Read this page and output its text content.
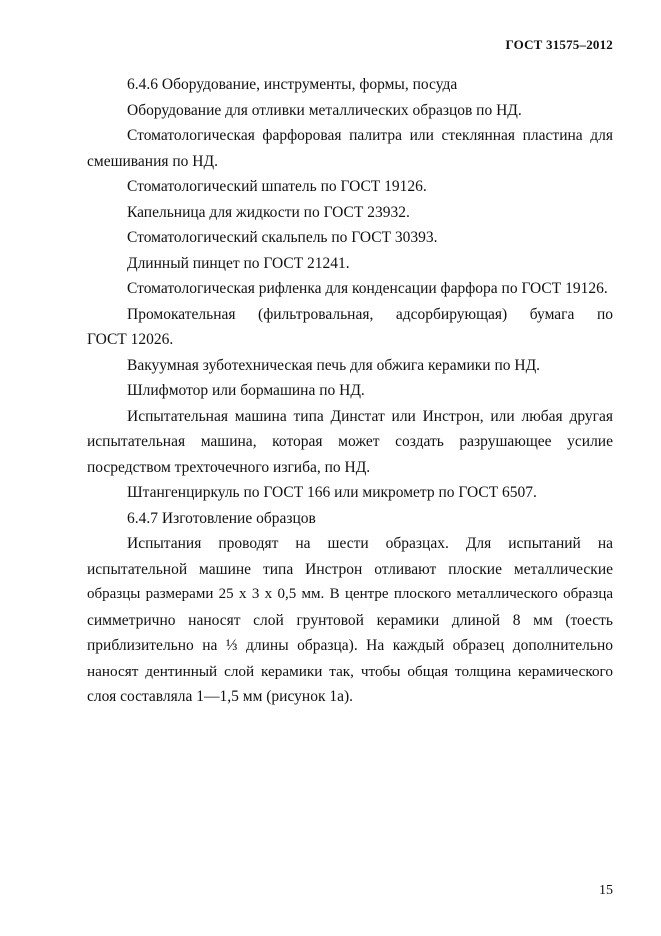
ГОСТ 31575–2012
6.4.6 Оборудование, инструменты, формы, посуда
Оборудование для отливки металлических образцов по НД.
Стоматологическая фарфоровая палитра или стеклянная пластина для
смешивания по НД.
Стоматологический шпатель по ГОСТ 19126.
Капельница для жидкости по ГОСТ 23932.
Стоматологический скальпель по ГОСТ 30393.
Длинный пинцет по ГОСТ 21241.
Стоматологическая рифленка для конденсации фарфора по ГОСТ 19126.
Промокательная (фильтровальная, адсорбирующая) бумага по
ГОСТ 12026.
Вакуумная зуботехническая печь для обжига керамики по НД.
Шлифмотор или бормашина по НД.
Испытательная машина типа Динстат или Инстрон, или любая другая
испытательная машина, которая может создать разрушающее усилие
посредством трехточечного изгиба, по НД.
Штангенциркуль по ГОСТ 166 или микрометр по ГОСТ 6507.
6.4.7 Изготовление образцов
Испытания проводят на шести образцах. Для испытаний на
испытательной машине типа Инстрон отливают плоские металлические
образцы размерами 25 х 3 х 0,5 мм. В центре плоского металлического образца
симметрично наносят слой грунтовой керамики длиной 8 мм (тоесть
приблизительно на ⅓ длины образца). На каждый образец дополнительно
наносят дентинный слой керамики так, чтобы общая толщина керамического
слоя составляла 1—1,5 мм (рисунок 1а).
15
